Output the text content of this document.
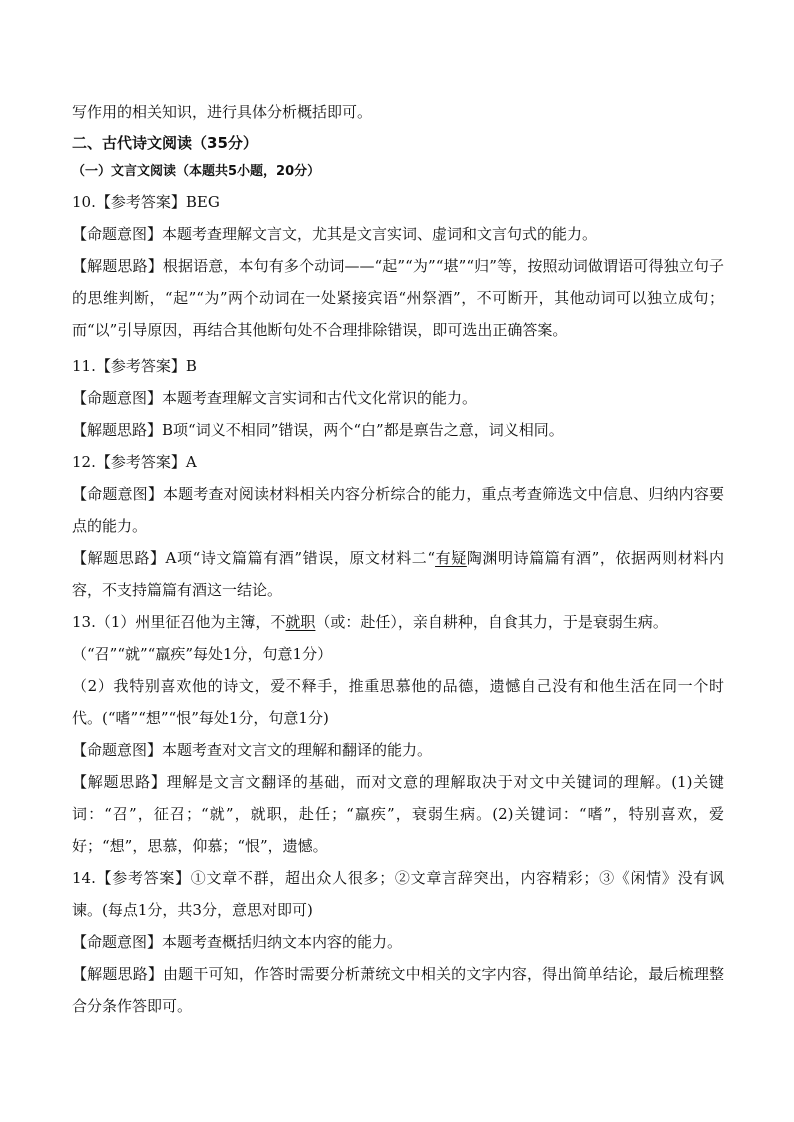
写作用的相关知识，进行具体分析概括即可。
二、古代诗文阅读（35分）
（一）文言文阅读（本题共5小题，20分）
10.【参考答案】BEG
【命题意图】本题考查理解文言文，尤其是文言实词、虚词和文言句式的能力。
【解题思路】根据语意，本句有多个动词——“起”“为”“堪”“归”等，按照动词做谓语可得独立句子的思维判断，“起”“为”两个动词在一处紧接宾语“州祭酒”，不可断开，其他动词可以独立成句；而“以”引导原因，再结合其他断句处不合理排除错误，即可选出正确答案。
11.【参考答案】B
【命题意图】本题考查理解文言实词和古代文化常识的能力。
【解题思路】B项“词义不相同”错误，两个“白”都是禀告之意，词义相同。
12.【参考答案】A
【命题意图】本题考查对阅读材料相关内容分析综合的能力，重点考查筛选文中信息、归纳内容要点的能力。
【解题思路】A项“诗文篇篇有酒”错误，原文材料二“有疑陶渊明诗篇篇有酒”，依据两则材料内容，不支持篇篇有酒这一结论。
13.（1）州里征召他为主簿，不就职（或：赴任），亲自耕种，自食其力，于是衰弱生病。
（“召”“就”“羸疾”每处1分，句意1分）
（2）我特别喜欢他的诗文，爱不释手，推重思慕他的品德，遗憾自己没有和他生活在同一个时代。(“嗜”“想”“恨”每处1分，句意1分)
【命题意图】本题考查对文言文的理解和翻译的能力。
【解题思路】理解是文言文翻译的基础，而对文意的理解取决于对文中关键词的理解。(1)关键词：“召”，征召；“就”，就职，赴任；“羸疾”，衰弱生病。(2)关键词：“嗜”，特别喜欢，爱好；“想”，思慕，仰慕；“恨”，遗憾。
14.【参考答案】①文章不群，超出众人很多；②文章言辞突出，内容精彩；③《闲情》没有讽谏。(每点1分，共3分，意思对即可)
【命题意图】本题考查概括归纳文本内容的能力。
【解题思路】由题干可知，作答时需要分析萧统文中相关的文字内容，得出简单结论，最后梳理整合分条作答即可。
